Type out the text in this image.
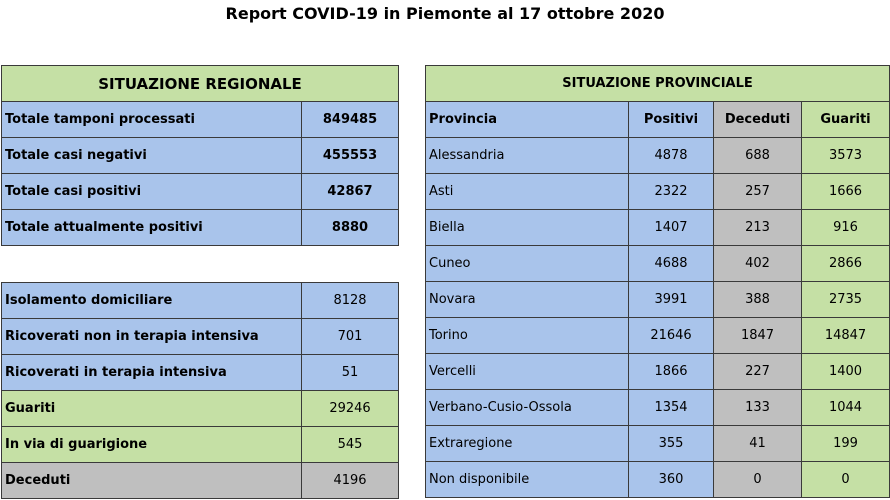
Report COVID-19 in Piemonte al 17 ottobre 2020
SITUAZIONE REGIONALE	
Totale tamponi processati	849485
Totale casi negativi	455553
Totale casi positivi	42867
Totale attualmente positivi	8880
Isolamento domiciliare	8128
Ricoverati non in terapia intensiva	701
Ricoverati in terapia intensiva	51
Guariti	29246
In via di guarigione	545
Deceduti	4196
SITUAZIONE PROVINCIALE			
Provincia	Positivi	Deceduti	Guariti
Alessandria	4878	688	3573
Asti	2322	257	1666
Biella	1407	213	916
Cuneo	4688	402	2866
Novara	3991	388	2735
Torino	21646	1847	14847
Vercelli	1866	227	1400
Verbano-Cusio-Ossola	1354	133	1044
Extraregione	355	41	199
Non disponibile	360	0	0
